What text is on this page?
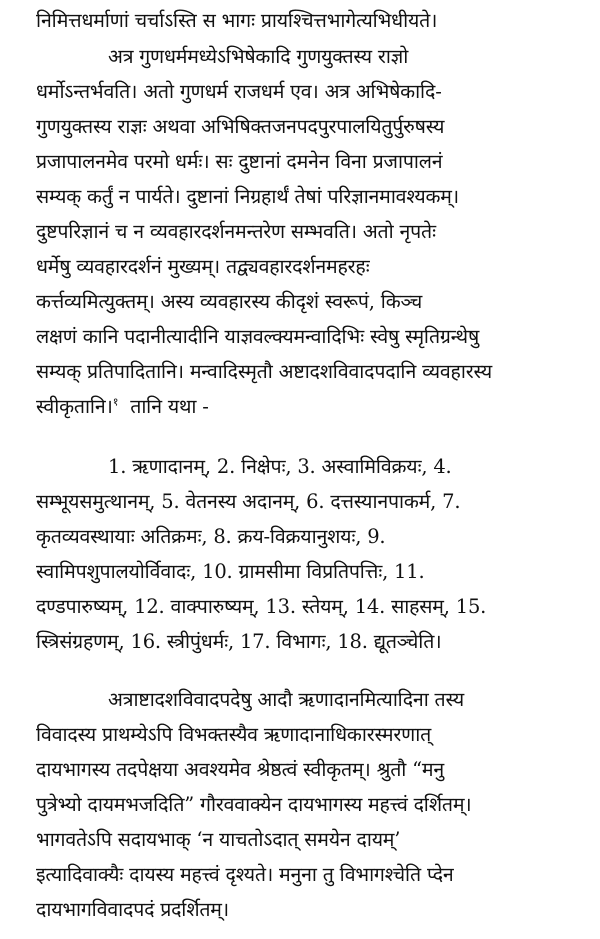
निमित्तधर्माणां चर्चाऽस्ति स भागः प्रायश्चित्तभागेत्यभिधीयते।
अत्र गुणधर्ममध्येऽभिषेकादि गुणयुक्तस्य राज्ञो
धर्मोऽन्तर्भवति। अतो गुणधर्म राजधर्म एव। अत्र अभिषेकादि-
गुणयुक्तस्य राज्ञः अथवा अभिषिक्तजनपदपुरपालयितुर्पुरुषस्य
प्रजापालनमेव परमो धर्मः। सः दुष्टानां दमनेन विना प्रजापालनं
सम्यक् कर्तुं न पार्यते। दुष्टानां निग्रहार्थं तेषां परिज्ञानमावश्यकम्।
दुष्टपरिज्ञानं च न व्यवहारदर्शनमन्तरेण सम्भवति। अतो नृपतेः
धर्मेषु व्यवहारदर्शनं मुख्यम्। तद्व्यवहारदर्शनमहरहः
कर्त्तव्यमित्युक्तम्। अस्य व्यवहारस्य कीदृशं स्वरूपं, किञ्च
लक्षणं कानि पदानीत्यादीनि याज्ञवल्क्यमन्वादिभिः स्वेषु स्मृतिग्रन्थेषु
सम्यक् प्रतिपादितानि। मन्वादिस्मृतौ अष्टादशविवादपदानि व्यवहारस्य
स्वीकृतानि।$^१$  तानि यथा -
1. ऋणादानम्, 2. निक्षेपः, 3. अस्वामिविक्रयः, 4.
सम्भूयसमुत्थानम्, 5. वेतनस्य अदानम्, 6. दत्तस्यानपाकर्म, 7.
कृतव्यवस्थायाः अतिक्रमः, 8. क्रय-विक्रयानुशयः, 9.
स्वामिपशुपालयोर्विवादः, 10. ग्रामसीमा विप्रतिपत्तिः, 11.
दण्डपारुष्यम्, 12. वाक्पारुष्यम्, 13. स्तेयम्, 14. साहसम्, 15.
स्त्रिसंग्रहणम्, 16. स्त्रीपुंधर्मः, 17. विभागः, 18. द्यूतञ्चेति।
अत्राष्टादशविवादपदेषु आदौ ऋणादानमित्यादिना तस्य
विवादस्य प्राथम्येऽपि विभक्तस्यैव ऋणादानाधिकारस्मरणात्
दायभागस्य तदपेक्षया अवश्यमेव श्रेष्ठत्वं स्वीकृतम्। श्रुतौ “मनु
पुत्रेभ्यो दायमभजदिति” गौरववाक्येन दायभागस्य महत्त्वं दर्शितम्।
भागवतेऽपि सदायभाक् ‘न याचतोऽदात् समयेन दायम्’
इत्यादिवाक्यैः दायस्य महत्त्वं दृश्यते। मनुना तु विभागश्चेति प्देन
दायभागविवादपदं प्रदर्शितम्।
